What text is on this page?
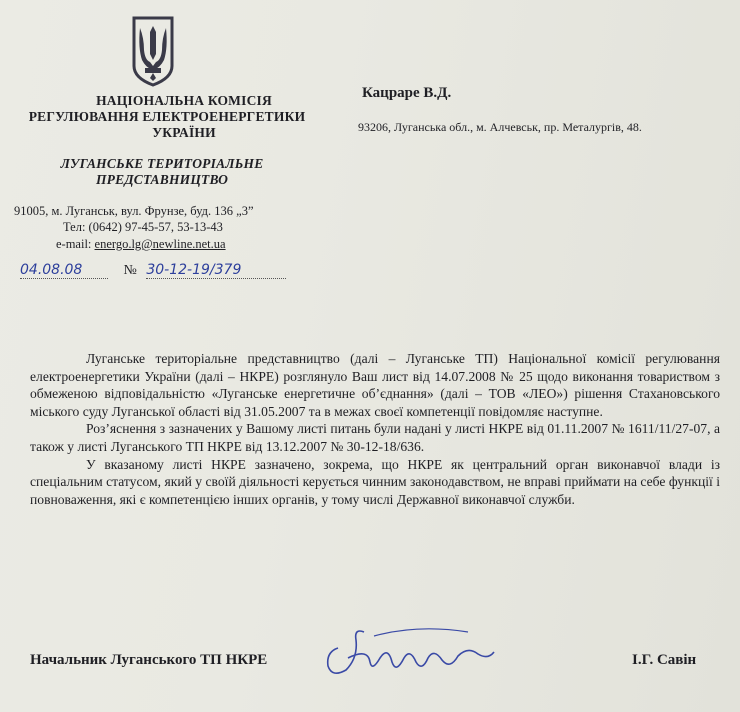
НАЦІОНАЛЬНА КОМІСІЯ
РЕГУЛЮВАННЯ ЕЛЕКТРОЕНЕРГЕТИКИ
УКРАЇНИ
ЛУГАНСЬКЕ ТЕРИТОРІАЛЬНЕ
ПРЕДСТАВНИЦТВО
91005, м. Луганськ, вул. Фрунзе, буд. 136 „3”
Тел: (0642) 97-45-57, 53-13-43
e-mail: energo.lg@newline.net.ua
04.08.08	№ 30-12-19/379
Кацраре В.Д.
93206, Луганська обл., м. Алчевськ, пр. Металургів, 48.

Луганське територіальне представництво (далі – Луганське ТП) Національної комісії регулювання електроенергетики України (далі – НКРЕ) розглянуло Ваш лист від 14.07.2008 № 25 щодо виконання товариством з обмеженою відповідальністю «Луганське енергетичне об’єднання» (далі – ТОВ «ЛЕО») рішення Стахановського міського суду Луганської області від 31.05.2007 та в межах своєї компетенції повідомляє наступне.

Роз’яснення з зазначених у Вашому листі питань були надані у листі НКРЕ від 01.11.2007 № 1611/11/27-07, а також у листі Луганського ТП НКРЕ від 13.12.2007 № 30-12-18/636.

У вказаному листі НКРЕ зазначено, зокрема, що НКРЕ як центральний орган виконавчої влади із спеціальним статусом, який у своїй діяльності керується чинним законодавством, не вправі приймати на себе функції і повноваження, які є компетенцією інших органів, у тому числі Державної виконавчої служби.

Начальник Луганського ТП НКРЕ	І.Г. Савін
